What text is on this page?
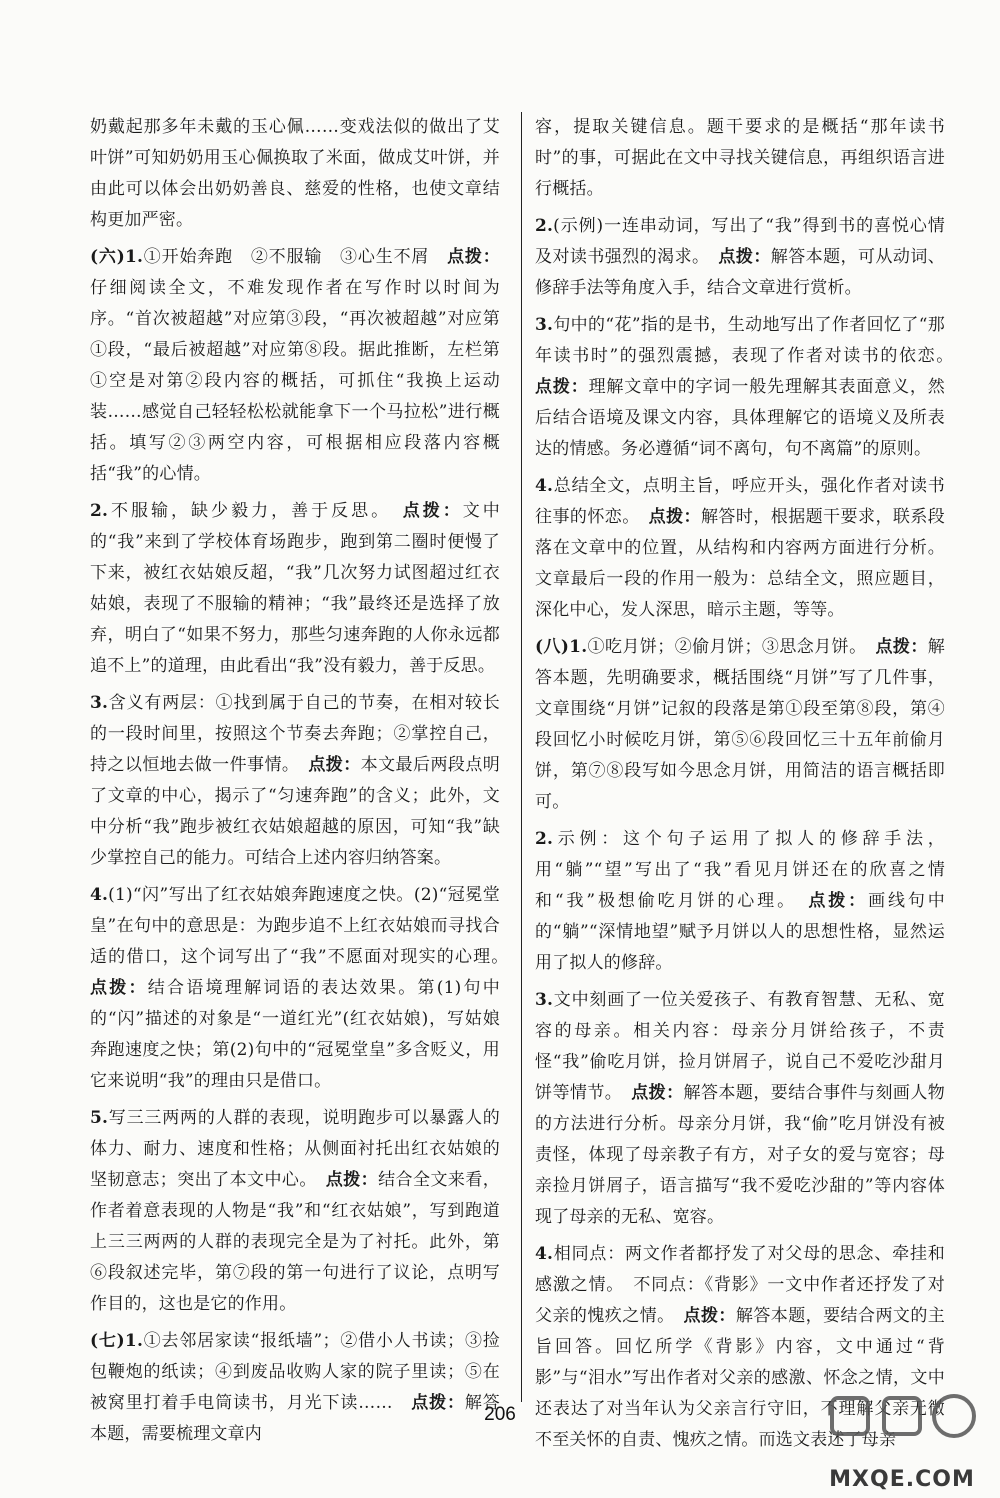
奶戴起那多年未戴的玉心佩……变戏法似的做出了艾叶饼”可知奶奶用玉心佩换取了米面，做成艾叶饼，并由此可以体会出奶奶善良、慈爱的性格，也使文章结构更加严密。

(六)1.①开始奔跑　②不服输　③心生不屑　点拨：仔细阅读全文，不难发现作者在写作时以时间为序。“首次被超越”对应第③段，“再次被超越”对应第①段，“最后被超越”对应第⑧段。据此推断，左栏第①空是对第②段内容的概括，可抓住“我换上运动装……感觉自己轻轻松松就能拿下一个马拉松”进行概括。填写②③两空内容，可根据相应段落内容概括“我”的心情。

2.不服输，缺少毅力，善于反思。　点拨：文中的“我”来到了学校体育场跑步，跑到第二圈时便慢了下来，被红衣姑娘反超，“我”几次努力试图超过红衣姑娘，表现了不服输的精神；“我”最终还是选择了放弃，明白了“如果不努力，那些匀速奔跑的人你永远都追不上”的道理，由此看出“我”没有毅力，善于反思。

3.含义有两层：①找到属于自己的节奏，在相对较长的一段时间里，按照这个节奏去奔跑；②掌控自己，持之以恒地去做一件事情。　点拨：本文最后两段点明了文章的中心，揭示了“匀速奔跑”的含义；此外，文中分析“我”跑步被红衣姑娘超越的原因，可知“我”缺少掌控自己的能力。可结合上述内容归纳答案。

4.(1)“闪”写出了红衣姑娘奔跑速度之快。(2)“冠冕堂皇”在句中的意思是：为跑步追不上红衣姑娘而寻找合适的借口，这个词写出了“我”不愿面对现实的心理。　点拨：结合语境理解词语的表达效果。第(1)句中的“闪”描述的对象是“一道红光”(红衣姑娘)，写姑娘奔跑速度之快；第(2)句中的“冠冕堂皇”多含贬义，用它来说明“我”的理由只是借口。

5.写三三两两的人群的表现，说明跑步可以暴露人的体力、耐力、速度和性格；从侧面衬托出红衣姑娘的坚韧意志；突出了本文中心。　点拨：结合全文来看，作者着意表现的人物是“我”和“红衣姑娘”，写到跑道上三三两两的人群的表现完全是为了衬托。此外，第⑥段叙述完毕，第⑦段的第一句进行了议论，点明写作目的，这也是它的作用。

(七)1.①去邻居家读“报纸墙”；②借小人书读；③捡包鞭炮的纸读；④到废品收购人家的院子里读；⑤在被窝里打着手电筒读书，月光下读……　点拨：解答本题，需要梳理文章内

容，提取关键信息。题干要求的是概括“那年读书时”的事，可据此在文中寻找关键信息，再组织语言进行概括。

2.(示例)一连串动词，写出了“我”得到书的喜悦心情及对读书强烈的渴求。　点拨：解答本题，可从动词、修辞手法等角度入手，结合文章进行赏析。

3.句中的“花”指的是书，生动地写出了作者回忆了“那年读书时”的强烈震撼，表现了作者对读书的依恋。　点拨：理解文章中的字词一般先理解其表面意义，然后结合语境及课文内容，具体理解它的语境义及所表达的情感。务必遵循“词不离句，句不离篇”的原则。

4.总结全文，点明主旨，呼应开头，强化作者对读书往事的怀恋。　点拨：解答时，根据题干要求，联系段落在文章中的位置，从结构和内容两方面进行分析。文章最后一段的作用一般为：总结全文，照应题目，深化中心，发人深思，暗示主题，等等。

(八)1.①吃月饼；②偷月饼；③思念月饼。　点拨：解答本题，先明确要求，概括围绕“月饼”写了几件事，文章围绕“月饼”记叙的段落是第①段至第⑧段，第④段回忆小时候吃月饼，第⑤⑥段回忆三十五年前偷月饼，第⑦⑧段写如今思念月饼，用简洁的语言概括即可。

2.示例：这个句子运用了拟人的修辞手法，用“躺”“望”写出了“我”看见月饼还在的欣喜之情和“我”极想偷吃月饼的心理。　点拨：画线句中的“躺”“深情地望”赋予月饼以人的思想性格，显然运用了拟人的修辞。

3.文中刻画了一位关爱孩子、有教育智慧、无私、宽容的母亲。相关内容：母亲分月饼给孩子，不责怪“我”偷吃月饼，捡月饼屑子，说自己不爱吃沙甜月饼等情节。　点拨：解答本题，要结合事件与刻画人物的方法进行分析。母亲分月饼，我“偷”吃月饼没有被责怪，体现了母亲教子有方，对子女的爱与宽容；母亲捡月饼屑子，语言描写“我不爱吃沙甜的”等内容体现了母亲的无私、宽容。

4.相同点：两文作者都抒发了对父母的思念、牵挂和感激之情。　不同点：《背影》一文中作者还抒发了对父亲的愧疚之情。　点拨：解答本题，要结合两文的主旨回答。回忆所学《背影》内容，文中通过“背影”与“泪水”写出作者对父亲的感激、怀念之情，文中还表达了对当年认为父亲言行守旧，不理解父亲无微不至关怀的自责、愧疚之情。而选文表述了母亲

206
MXQE.COM
